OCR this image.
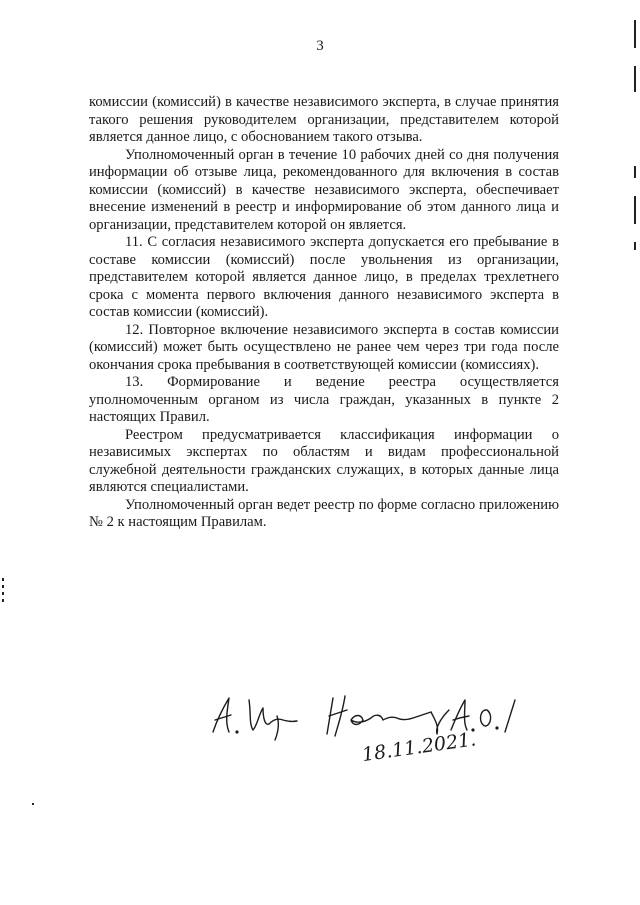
3

комиссии (комиссий) в качестве независимого эксперта, в случае принятия такого решения руководителем организации, представителем которой является данное лицо, с обоснованием такого отзыва.

Уполномоченный орган в течение 10 рабочих дней со дня получения информации об отзыве лица, рекомендованного для включения в состав комиссии (комиссий) в качестве независимого эксперта, обеспечивает внесение изменений в реестр и информирование об этом данного лица и организации, представителем которой он является.

11. С согласия независимого эксперта допускается его пребывание в составе комиссии (комиссий) после увольнения из организации, представителем которой является данное лицо, в пределах трехлетнего срока с момента первого включения данного независимого эксперта в состав комиссии (комиссий).

12. Повторное включение независимого эксперта в состав комиссии (комиссий) может быть осуществлено не ранее чем через три года после окончания срока пребывания в соответствующей комиссии (комиссиях).

13. Формирование и ведение реестра осуществляется уполномоченным органом из числа граждан, указанных в пункте 2 настоящих Правил.

Реестром предусматривается классификация информации о независимых экспертах по областям и видам профессиональной служебной деятельности гражданских служащих, в которых данные лица являются специалистами.

Уполномоченный орган ведет реестр по форме согласно приложению № 2 к настоящим Правилам.

18.11.2021.
